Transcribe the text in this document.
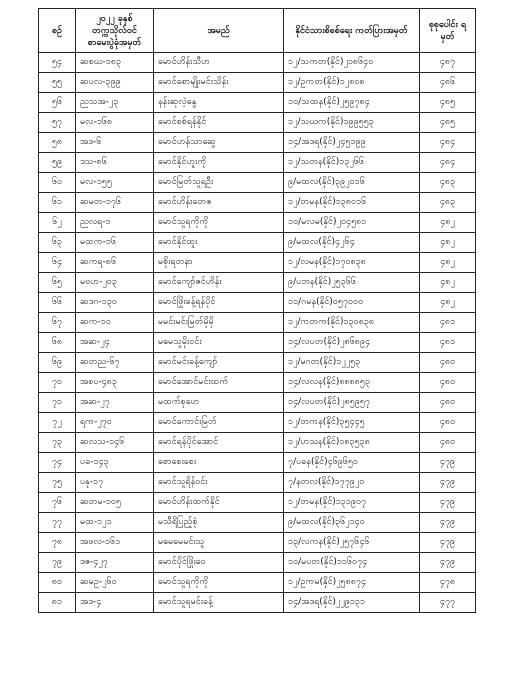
စဉ်	၂၀၂၂ ခုနှစ် တက္ကသိုလ်ဝင် စာမေးပွဲခုံအမှတ်	အမည်	နိုင်ငံသားစိစစ်ရေး ကတ်ပြားအမှတ်	စုစုပေါင်း ရမှတ်
၅၄	ဆစဃ-၁၈၃	မောင်ဟိန်းသီဟ	၁၂/သကတ(နိုင်)၂၁၈၆၄၀	၄၈၇
၅၅	ဆပလ-၃၉၉	မောင်စောမျိုးမင်းသိန်း	၁၂/ဥကတ(နိုင်)၁၂၈၀၈	၄၈၆
၅၆	ညသအ-၂၃	နန်းဆုလဲ့နွေ	၁၀/သထန(နိုင်)၂၅၉၇၈၄	၄၈၅
၅၇	မလ-၁၆၈	မောင်စစ်ရန်နိုင်	၁၂/သဃက(နိုင်)၁၉၉၅၅၃	၄၈၅
၅၈	အဒ-၆	မောင်ဟန်သာဆွေ	၁၄/အဒရ(နိုင်)၂၄၅၁၉၉	၄၈၄
၅၉	ဒသ-၈၆	မောင်နိုင်ဟူးကို	၁၂/သတန(နိုင်)၁၃၂၆၆	၄၈၄
၆၀	မလ-၁၅၅	မောင်မြတ်သူရဦး	၉/မထလ(နိုင်)၃၉၂၀၁၆	၄၈၃
၆၁	ဆမတ-၁၇၆	မောင်ဟိန်းတေဇ	၁၂/တမန(နိုင်)၁၃၈၀၁၆	၄၈၃
၆၂	ညလရ-၁	မောင်သူရကိုကို	၁၀/မလမ(နိုင်)၂၀၄၅၈၁	၄၈၂
၆၃	မထက-၁၆	မောင်နိုင်ထူး	၉/မထလ(နိုင်)၄၂၆၄	၄၈၂
၆၄	ဆကရ-၈၆	မစိုးရတနာ	၁၂/လမန(နိုင်)၁၇၀၈၃၈	၄၈၂
၆၅	မဗဟ-၂၀၃	မောင်ကျော်ဇင်ဟိန်း	၉/ပဘန(နိုင်)၂၅၃၆၆	၄၈၂
၆၆	ဆဒဂ-၁၃၀	မောင်ဖြိုးခန့်ရန်ပိုင်	၁၁/ဂမန(နိုင်)၀၅၇၀၀၀	၄၈၂
၆၇	ဆက-၁၀	မမင်းမင်းမြတ်မိုမို	၁၂/ကတက(နိုင်)၁၃၀၈၃၈	၄၈၁
၆၈	အဆ-၂၄	မမေသူမိုးဝင်း	၁၄/လပတ(နိုင်)၂၈၆၈၉၄	၄၈၁
၆၉	ဆတည-၆၇	မောင်မင်းခန့်ကျော်	၁၂/မဂတ(နိုင်)၁၂၂၅၃	၄၈၀
၇၀	အစပ-၄၈၃	မောင်အောင်မင်းထက်	၁၄/လလန(နိုင်)၈၈၈၈၅၃	၄၈၀
၇၁	အဆ-၂၇	မထက်စုဟေ	၁၄/လပတ(နိုင်)၂၈၅၉၅၇	၄၈၀
၇၂	ရက-၂၇၀	မောင်ကောင်းမြတ်	၁၂/တကန(နိုင်)၃၅၄၄၅	၄၈၀
၇၃	ဆလသ-၁၄၆	မောင်ရန်ပိုင်အောင်	၁၂/ဟသန(နိုင်)၁၈၃၅၃၈	၄၈၀
၇၄	ပခ-၁၄၃	စောစေးစေး	၇/ပခန(နိုင်)၄၆၉၆၅၀	၄၇၉
၇၅	ပနု-၁၇	မောင်သူရိန်ဝင်း	၇/နတလ(နိုင်)၁၇၇၉၂၀	၄၇၉
၇၆	ဆတမ-၁၀၅	မောင်ဟိန်းထက်နိုင်	၁၂/တမန(နိုင်)၁၃၁၉၀၇	၄၇၉
၇၇	မထ-၁၂၁	မသီရိပြည့်စုံ	၉/မထလ(နိုင်)၃၆၂၁၄၀	၄၇၉
၇၈	အဖလ-၁၆၁	မမေမေမင်းသူ	၁၃/လကန(နိုင်)၂၅၇၆၄၆	၄၇၉
၇၉	ဒဇ-၄၂၇	မောင်ပိုင်ဖြိုးဝေ	၁၀/မပတ(နိုင်)၁၁၆၀၇၄	၄၇၉
၈၀	ဆမဥ-၂၆၀	မောင်သူရကိုကို	၁၂/ဥကမ(နိုင်)၂၅၈၈၇၄	၄၇၈
၈၁	အဒ-၄	မောင်သူရမင်းခန့်	၁၄/အဒရ(နိုင်)၂၂၉၁၃၁	၄၇၇
